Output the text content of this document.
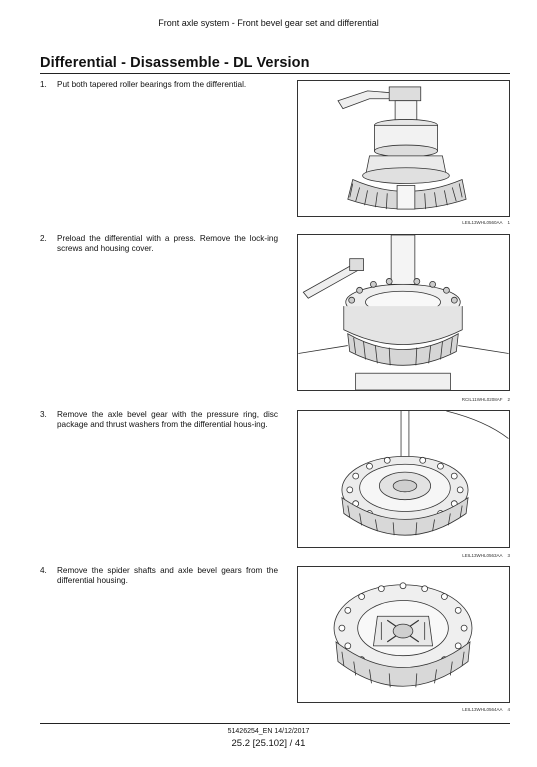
Front axle system - Front bevel gear set and differential
Differential - Disassemble - DL Version
1. Put both tapered roller bearings from the differential.
LEIL13WHL0560AA 1
2. Preload the differential with a press. Remove the lock-ing screws and housing cover.
RCIL11WHL0208AF 2
3. Remove the axle bevel gear with the pressure ring, disc package and thrust washers from the differential hous-ing.
LEIL13WHL0563AA 3
4. Remove the spider shafts and axle bevel gears from the differential housing.
LEIL13WHL0564AA 4
51426254_EN 14/12/2017
25.2 [25.102] / 41
